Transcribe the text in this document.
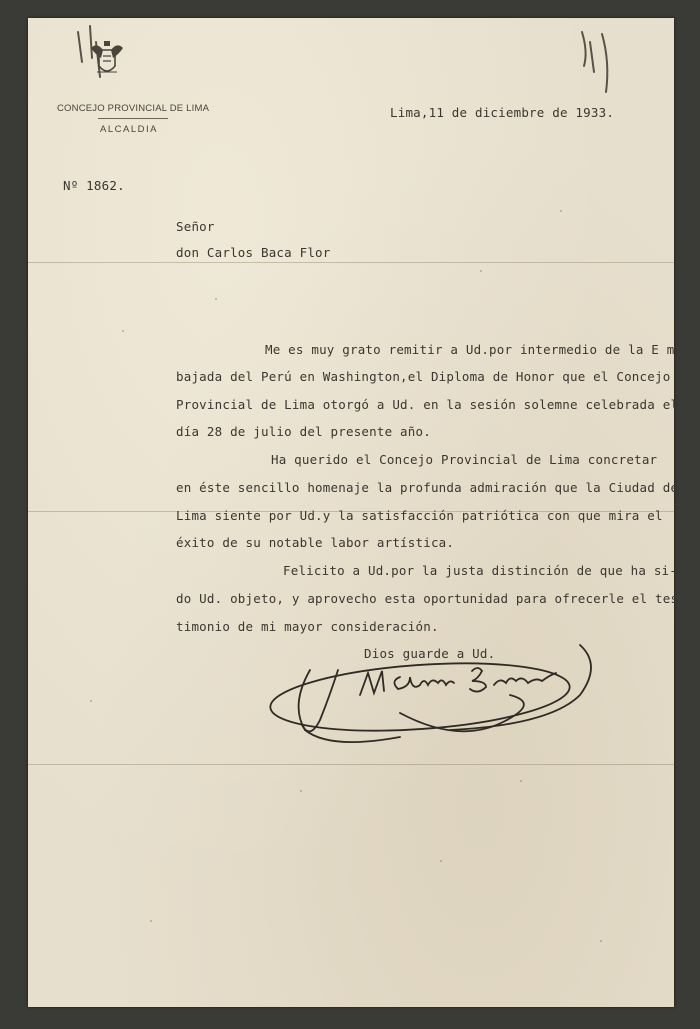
CONCEJO PROVINCIAL DE LIMA
ALCALDIA
Lima,11 de diciembre de 1933.
Nº 1862.
Señor
don Carlos Baca Flor
Me es muy grato remitir a Ud.por intermedio de la E m-
bajada del Perú en Washington,el Diploma de Honor que el Concejo
Provincial de Lima otorgó a Ud. en la sesión solemne celebrada el
día 28 de julio del presente año.
Ha querido el Concejo Provincial de Lima concretar
en éste sencillo homenaje la profunda admiración que la Ciudad de
Lima siente por Ud.y la satisfacción patriótica con que mira el
éxito de su notable labor artística.
Felicito a Ud.por la justa distinción de que ha si-
do Ud. objeto, y aprovecho esta oportunidad para ofrecerle el tes
timonio de mi mayor consideración.
Dios guarde a Ud.
